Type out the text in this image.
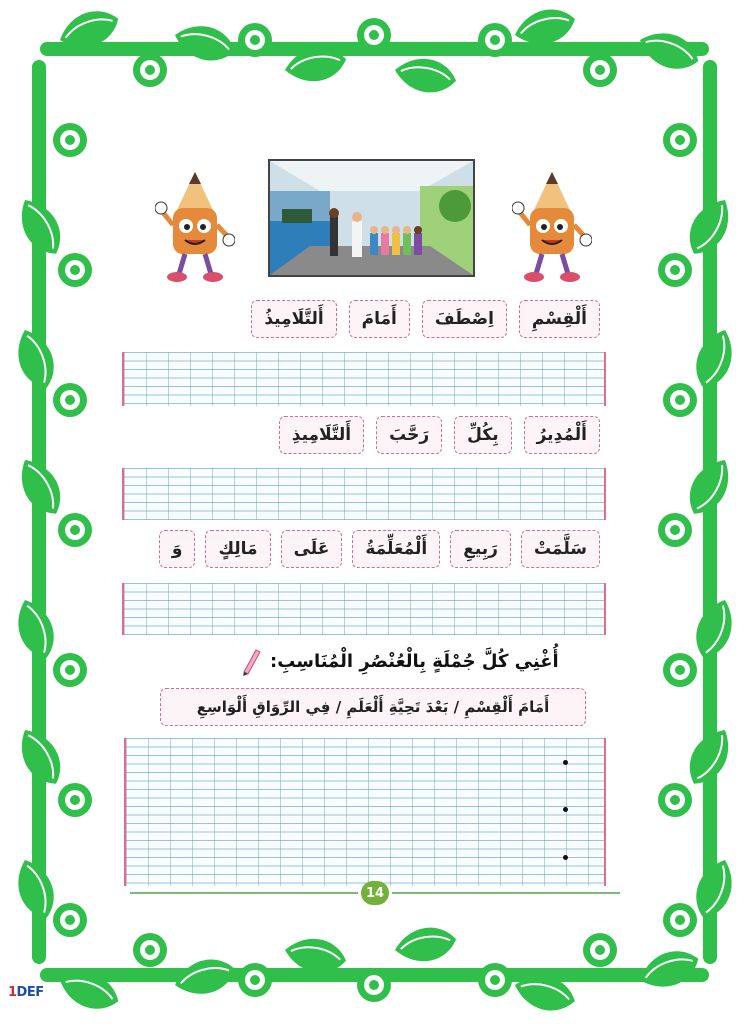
أَلْقِسْمِ
اِصْطَفَ
أَمَامَ
أَلتَّلَامِيذُ
أَلْمُدِيرُ
بِكُلِّ
رَحَّبَ
أَلتَّلَامِيذِ
سَلَّمَتْ
رَبِيعِ
أَلْمُعَلِّمَةُ
عَلَى
مَالِكٍ
وَ
أُغْنِي كُلَّ جُمْلَةٍ بِالْعُنْصُرِ الْمُنَاسِبِ:
أَمَامَ أَلْقِسْمِ / بَعْدَ تَحِيَّةِ أَلْعَلَمِ / فِي الرِّوَاقِ أَلْوَاسِعِ
14
1DEF
